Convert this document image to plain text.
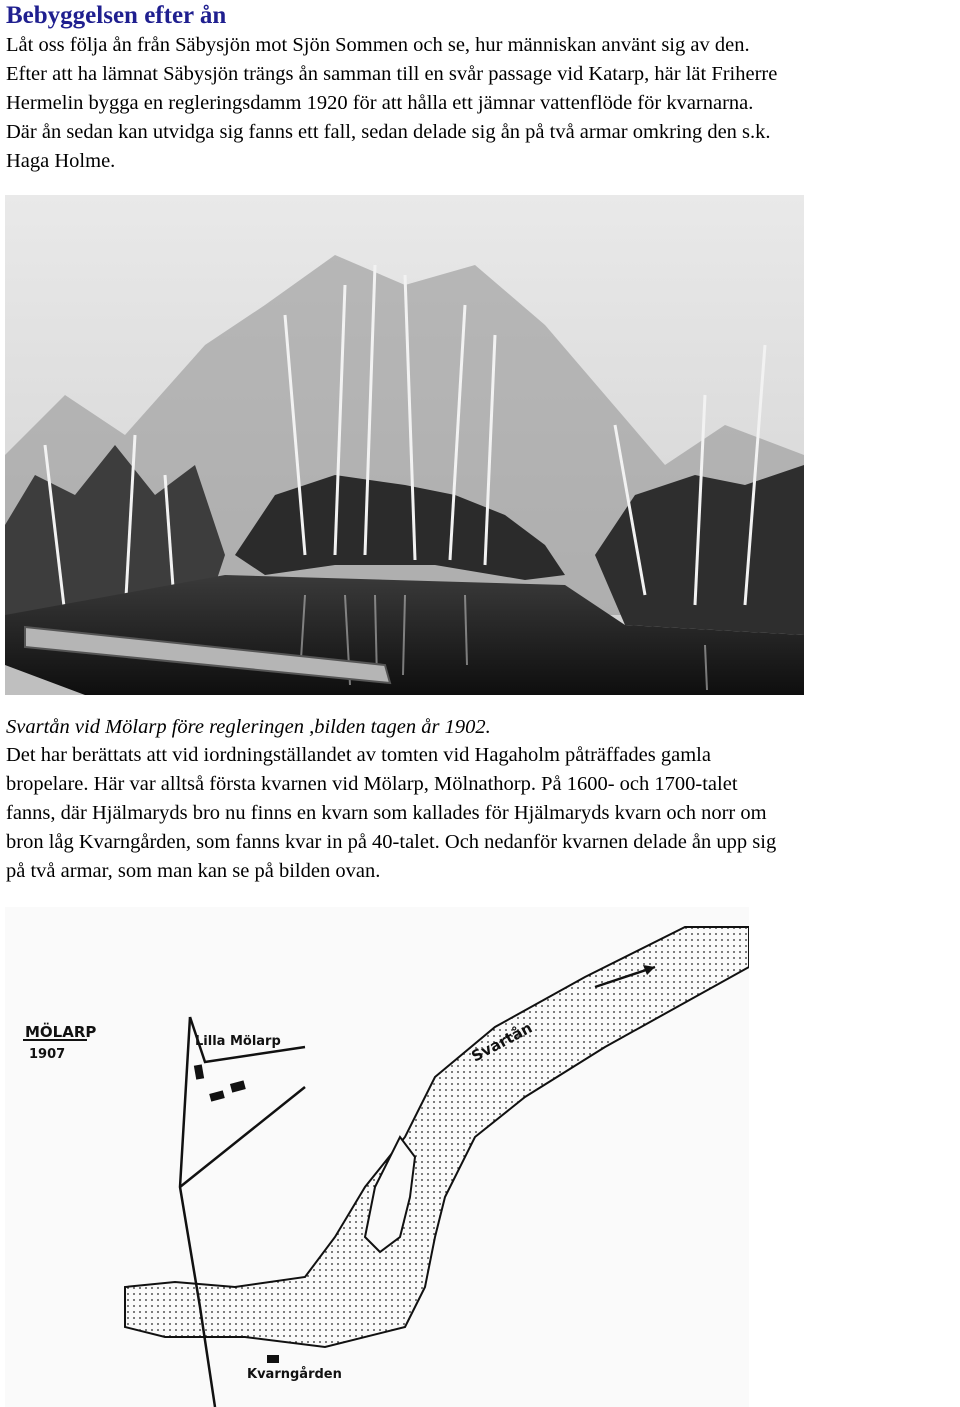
Bebyggelsen efter ån

Låt oss följa ån från Säbysjön mot Sjön Sommen och se, hur människan använt sig av den.
Efter att ha lämnat Säbysjön trängs ån samman till en svår passage vid Katarp, här lät Friherre
Hermelin bygga en regleringsdamm 1920 för att hålla ett jämnar vattenflöde för kvarnarna.
Där ån sedan kan utvidga sig fanns ett fall, sedan delade sig ån på två armar omkring den s.k.
Haga Holme.

Svartån vid Mölarp före regleringen ,bilden tagen år 1902.

Det har berättats att vid iordningställandet av tomten vid Hagaholm påträffades gamla
bropelare. Här var alltså första kvarnen vid Mölarp, Mölnathorp. På 1600- och 1700-talet
fanns, där Hjälmaryds bro nu finns en kvarn som kallades för Hjälmaryds kvarn och norr om
bron låg Kvarngården, som fanns kvar in på 40-talet. Och nedanför kvarnen delade ån upp sig
på två armar, som man kan se på bilden ovan.

MÖLARP
1907	Svartån
Lilla Mölarp
Kvarngården
